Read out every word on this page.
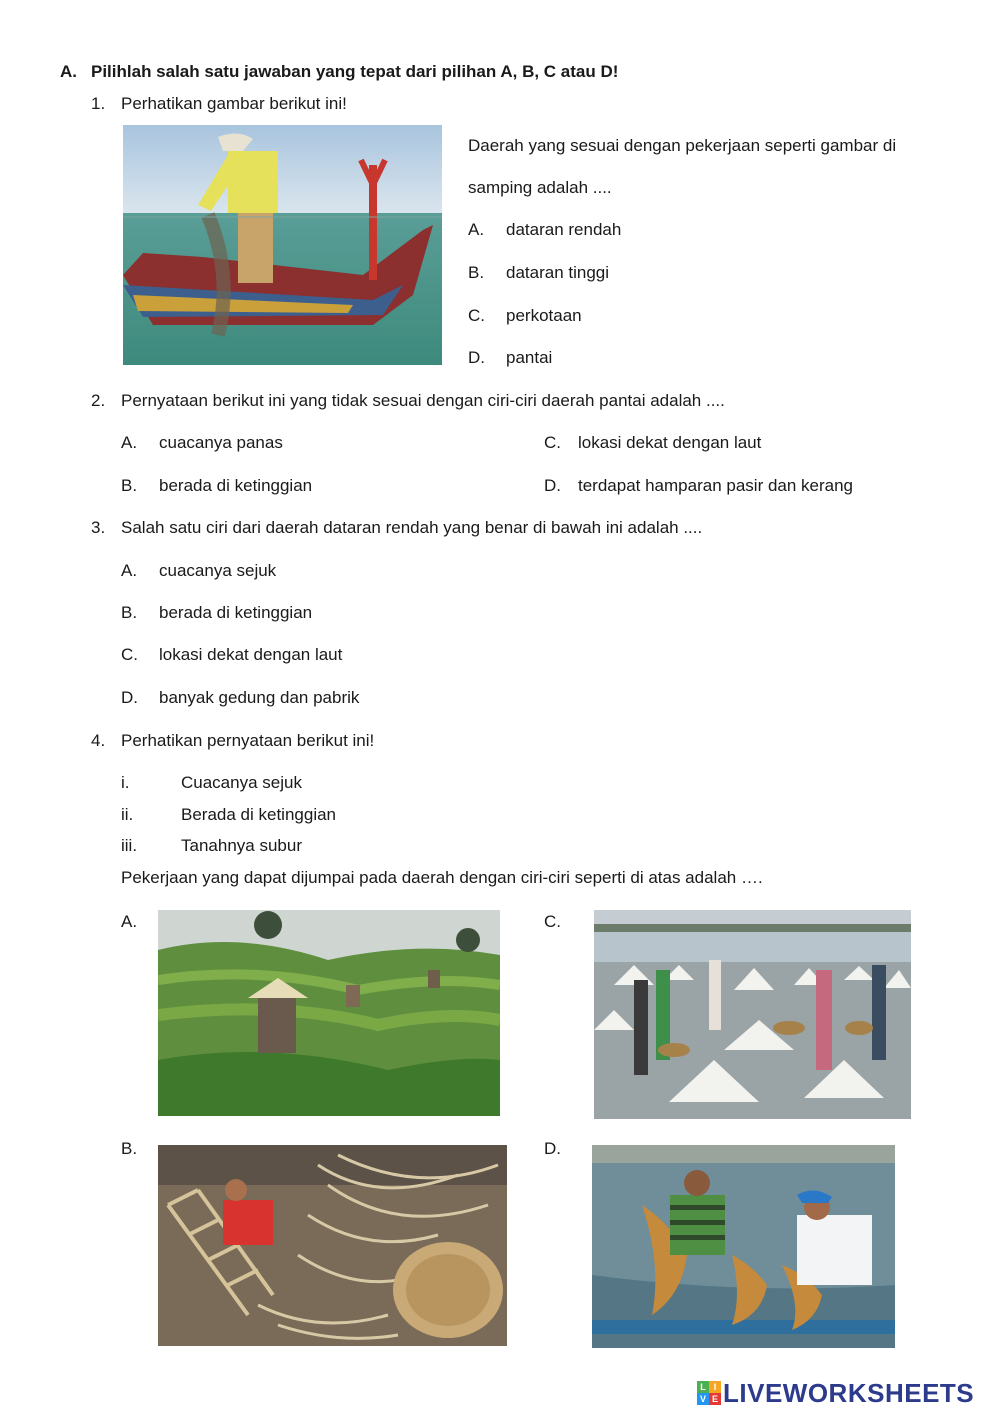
A. Pilihlah salah satu jawaban yang tepat dari pilihan A, B, C atau D!
1. Perhatikan gambar berikut ini!
Daerah yang sesuai dengan pekerjaan seperti gambar di
samping adalah ....
A. dataran rendah
B. dataran tinggi
C. perkotaan
D. pantai
2. Pernyataan berikut ini yang tidak sesuai dengan ciri-ciri daerah pantai adalah ....
A. cuacanya panas
B. berada di ketinggian
C. lokasi dekat dengan laut
D. terdapat hamparan pasir dan kerang
3. Salah satu ciri dari daerah dataran rendah yang benar di bawah ini adalah ....
A. cuacanya sejuk
B. berada di ketinggian
C. lokasi dekat dengan laut
D. banyak gedung dan pabrik
4. Perhatikan pernyataan berikut ini!
i.	Cuacanya sejuk
ii.	Berada di ketinggian
iii.	Tanahnya subur
Pekerjaan yang dapat dijumpai pada daerah dengan ciri-ciri seperti di atas adalah ….
A.	C.
B.	D.
L I
V E LIVEWORKSHEETS
